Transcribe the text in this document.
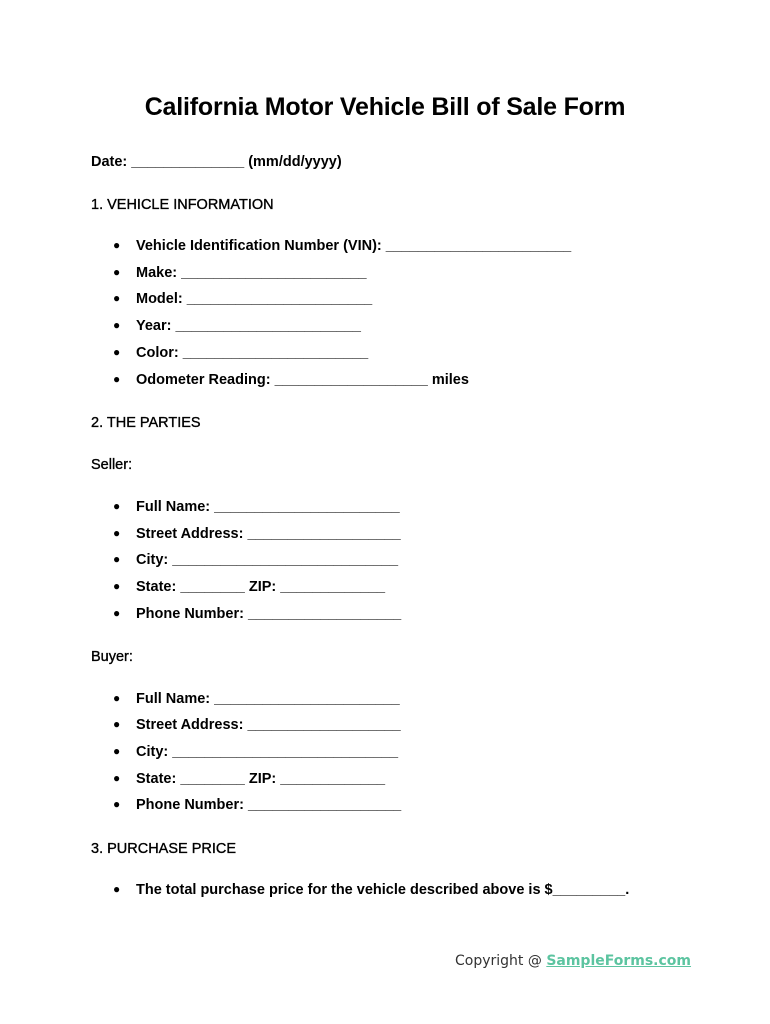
California Motor Vehicle Bill of Sale Form
Date: ______________ (mm/dd/yyyy)
1. VEHICLE INFORMATION
● Vehicle Identification Number (VIN): _______________________
● Make: _______________________
● Model: _______________________
● Year: _______________________
● Color: _______________________
● Odometer Reading: ___________________ miles
2. THE PARTIES
Seller:
● Full Name: _______________________
● Street Address: ___________________
● City: ____________________________
● State: ________ ZIP: _____________
● Phone Number: ___________________
Buyer:
● Full Name: _______________________
● Street Address: ___________________
● City: ____________________________
● State: ________ ZIP: _____________
● Phone Number: ___________________
3. PURCHASE PRICE
● The total purchase price for the vehicle described above is $_________.
Copyright @ SampleForms.com
